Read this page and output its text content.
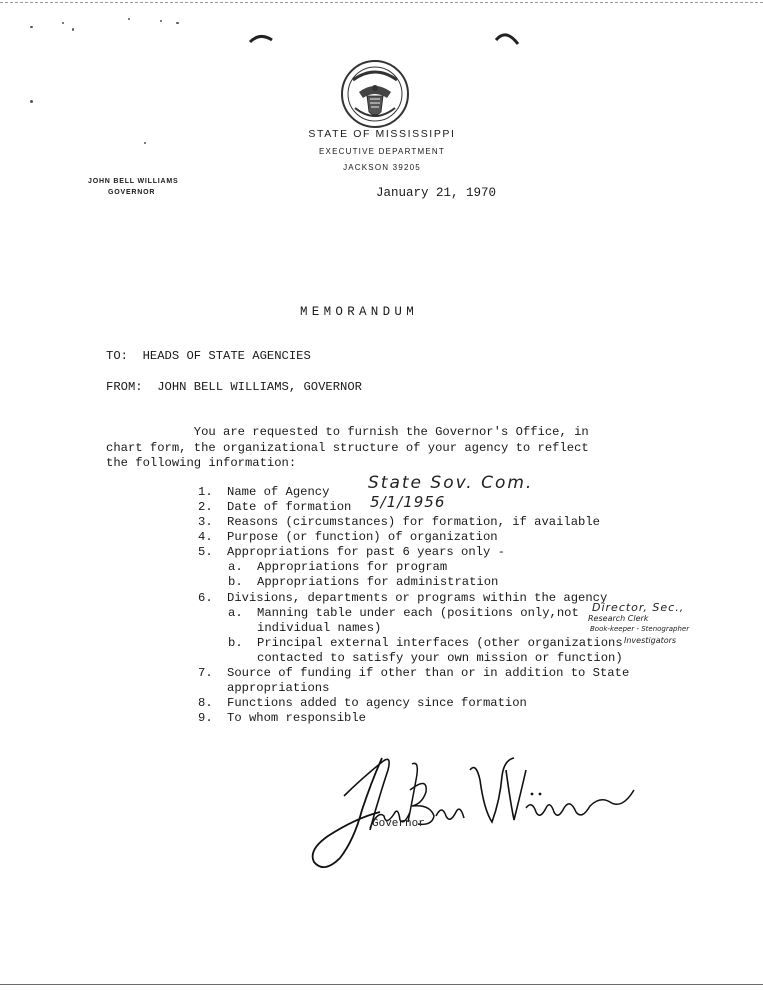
STATE OF MISSISSIPPI
EXECUTIVE DEPARTMENT
JACKSON 39205
JOHN BELL WILLIAMS
GOVERNOR	January 21, 1970
MEMORANDUM
TO:  HEADS OF STATE AGENCIES
FROM:  JOHN BELL WILLIAMS, GOVERNOR
You are requested to furnish the Governor's Office, in
chart form, the organizational structure of your agency to reflect
the following information:
1. Name of Agency
2. Date of formation
3. Reasons (circumstances) for formation, if available
4. Purpose (or function) of organization
5. Appropriations for past 6 years only -
a. Appropriations for program
b. Appropriations for administration
6. Divisions, departments or programs within the agency
a. Manning table under each (positions only,not
individual names)
b. Principal external interfaces (other organizations
contacted to satisfy your own mission or function)
7. Source of funding if other than or in addition to State
appropriations
8. Functions added to agency since formation
9. To whom responsible
State Sov. Com.
5/1/1956
Director, Sec.,
Research Clerk
Book-keeper - Stenographer
Investigators
Governor
